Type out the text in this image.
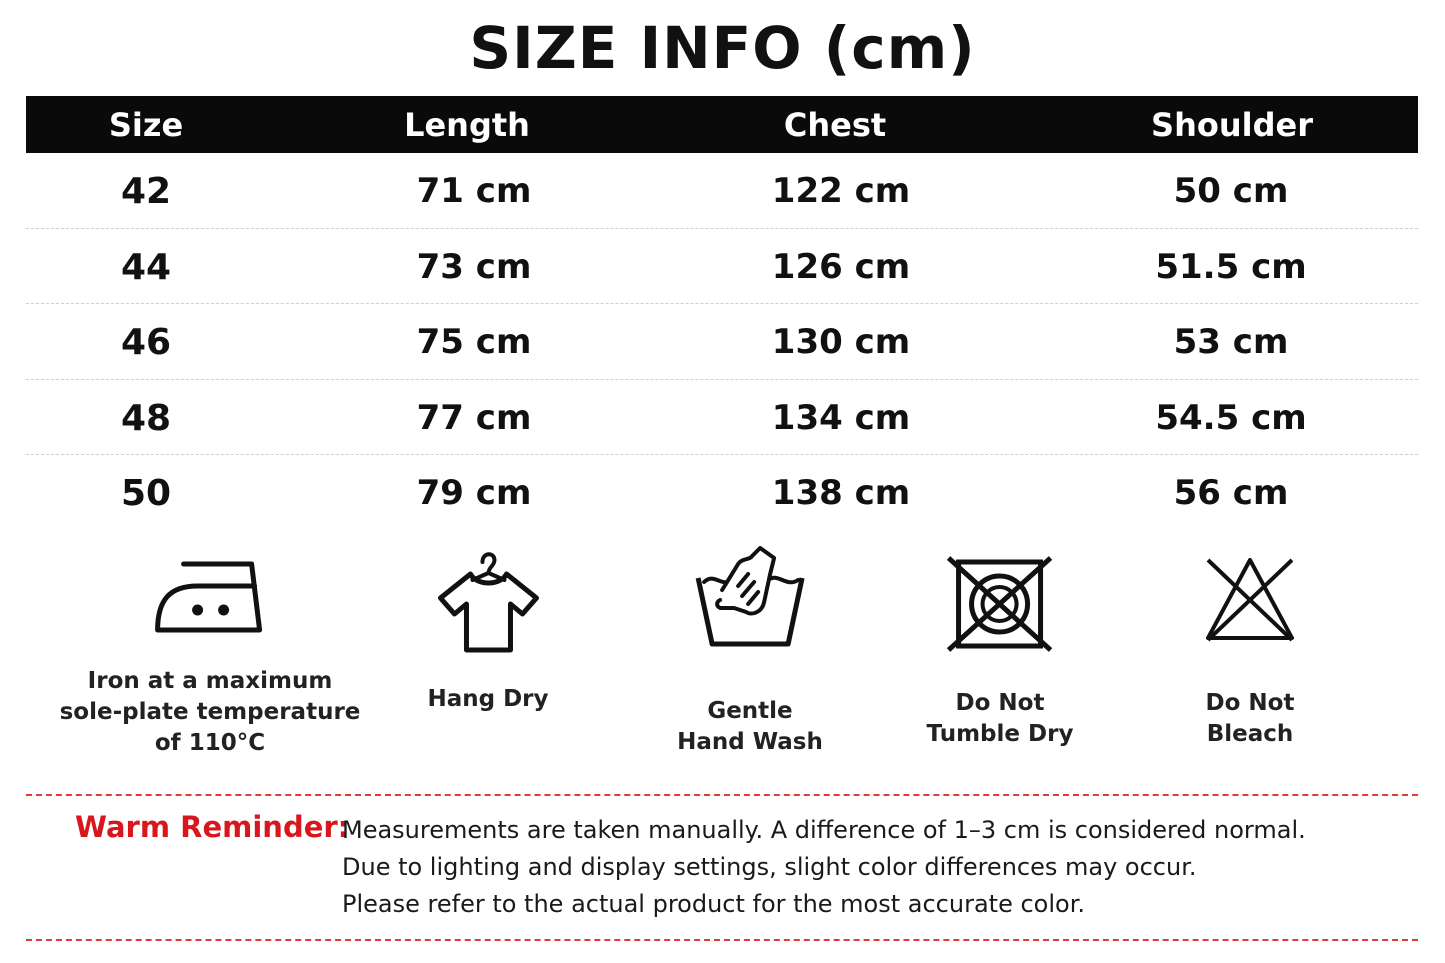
SIZE INFO (cm)
Size	Length	Chest	Shoulder
42	71 cm	122 cm	50 cm
44	73 cm	126 cm	51.5 cm
46	75 cm	130 cm	53 cm
48	77 cm	134 cm	54.5 cm
50	79 cm	138 cm	56 cm
Iron at a maximum
sole-plate temperature
of 110°C
Hang Dry	Gentle
Hand Wash
Do Not
Tumble Dry
Do Not
Bleach
Warm Reminder:
Measurements are taken manually. A difference of 1–3 cm is considered normal.
Due to lighting and display settings, slight color differences may occur.
Please refer to the actual product for the most accurate color.
